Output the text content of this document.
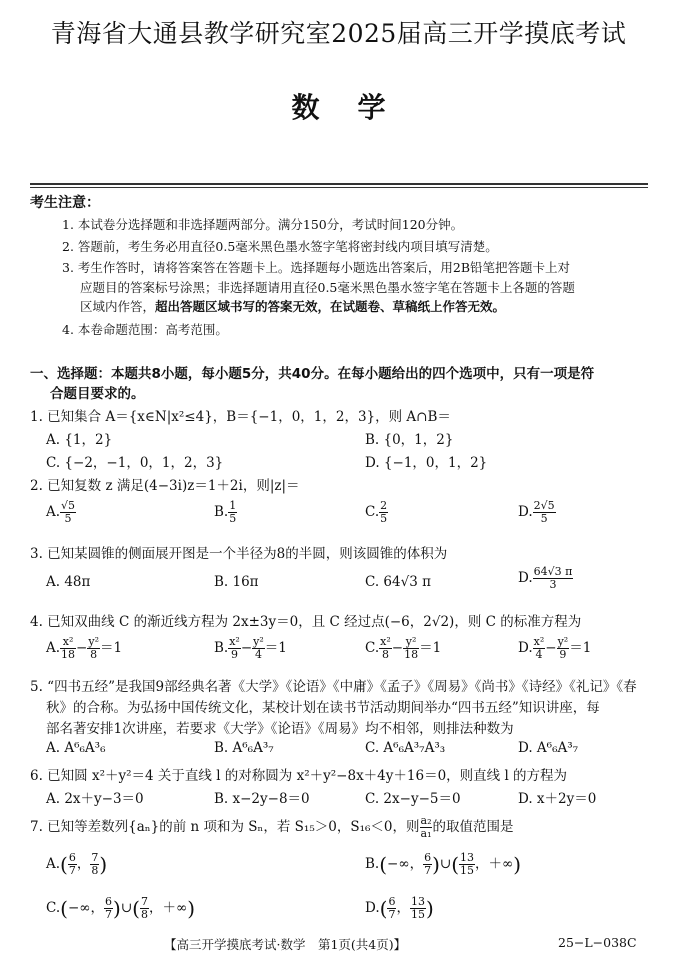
青海省大通县教学研究室2025届高三开学摸底考试
数学
考生注意：
1. 本试卷分选择题和非选择题两部分。满分150分，考试时间120分钟。
2. 答题前，考生务必用直径0.5毫米黑色墨水签字笔将密封线内项目填写清楚。
3. 考生作答时，请将答案答在答题卡上。选择题每小题选出答案后，用2B铅笔把答题卡上对
应题目的答案标号涂黑；非选择题请用直径0.5毫米黑色墨水签字笔在答题卡上各题的答题
区域内作答，超出答题区域书写的答案无效，在试题卷、草稿纸上作答无效。
4. 本卷命题范围：高考范围。
一、选择题：本题共8小题，每小题5分，共40分。在每小题给出的四个选项中，只有一项是符
合题目要求的。
1. 已知集合 A＝{x∈N|x²≤4}，B＝{−1，0，1，2，3}，则 A∩B＝
A. {1，2}	B. {0，1，2}
C. {−2，−1，0，1，2，3}	D. {−1，0，1，2}
2. 已知复数 z 满足(4−3i)z＝1＋2i，则|z|＝
A. $\frac{√5}{5}$	B. $\frac{1}{5}$	C. $\frac{2}{5}$	D. $\frac{2√5}{5}$
3. 已知某圆锥的侧面展开图是一个半径为8的半圆，则该圆锥的体积为
A. 48π	B. 16π	C. 64√3 π	D. $\frac{64√3 \pi}{3}$
4. 已知双曲线 C 的渐近线方程为 2x±3y＝0，且 C 经过点(−6，2√2)，则 C 的标准方程为
A. $\frac{\text{x²}}{18} - \frac{\text{y²}}{8} =1$	B. $\frac{\text{x²}}{9} - \frac{\text{y²}}{4} =1$	C. $\frac{\text{x²}}{8} - \frac{\text{y²}}{18} =1$	D. $\frac{\text{x²}}{4} - \frac{\text{y²}}{9} =1$
5. “四书五经”是我国9部经典名著《大学》《论语》《中庸》《孟子》《周易》《尚书》《诗经》《礼记》《春
秋》的合称。为弘扬中国传统文化，某校计划在读书节活动期间举办“四书五经”知识讲座，每
部名著安排1次讲座，若要求《大学》《论语》《周易》均不相邻，则排法种数为
A. A⁶₆A³₆	B. A⁶₆A³₇	C. A⁶₆A³₇A³₃	D. A⁶₆A³₇
6. 已知圆 x²＋y²＝4 关于直线 l 的对称圆为 x²＋y²−8x＋4y＋16＝0，则直线 l 的方程为
A. 2x＋y−3＝0	B. x−2y−8＝0	C. 2x−y−5＝0	D. x＋2y＝0
7. 已知等差数列{aₙ}的前 n 项和为 Sₙ，若 S₁₅＞0，S₁₆＜0，则 $\frac{\text{a₂}}{\text{a₁}}$ 的取值范围是
$A.( \frac{6}{7}$ ， $\frac{7}{8}$ )	B.(−∞， $\frac{6}{7}$ )∪( $\frac{13}{15}$ ，＋∞)
C.(−∞， $\frac{6}{7}$ )∪( $\frac{7}{8}$ ，＋∞)	$D.( \frac{6}{7}$ ， $\frac{13}{15}$ )
【高三开学摸底考试·数学　第1页(共4页)】	25−L−038C
